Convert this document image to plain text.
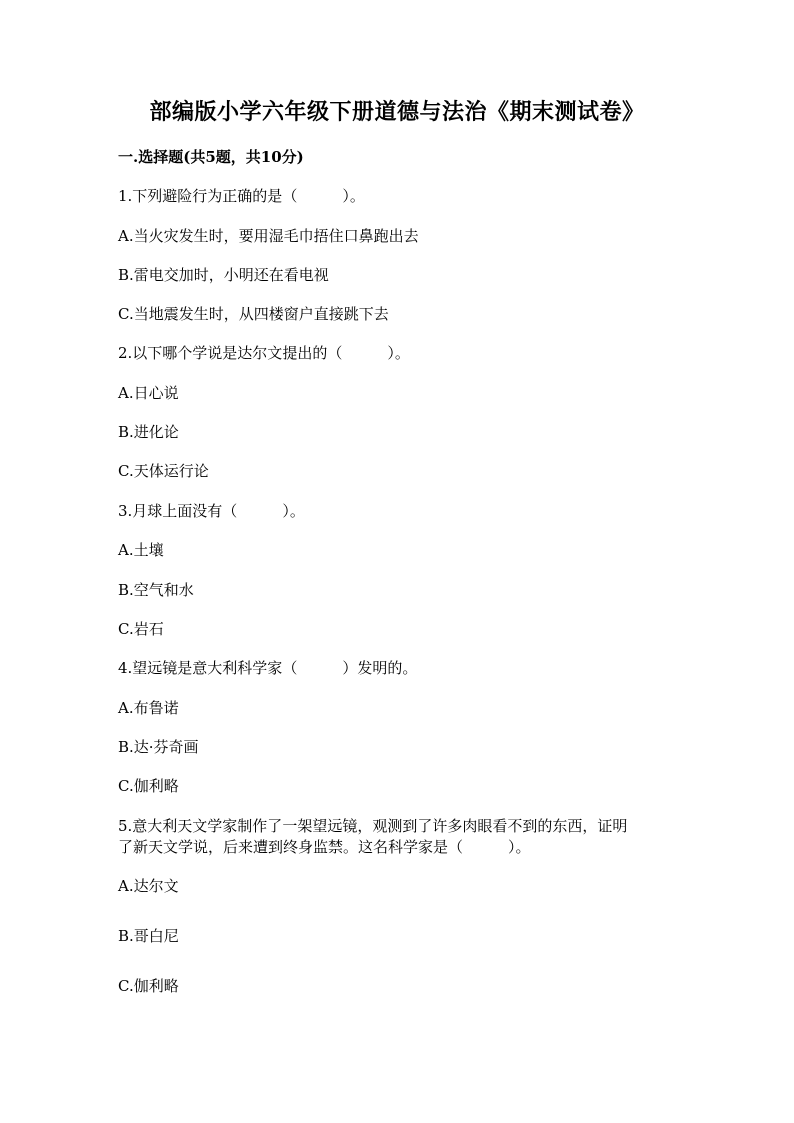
部编版小学六年级下册道德与法治《期末测试卷》
一.选择题(共5题，共10分)
1.下列避险行为正确的是（　　　）。
A.当火灾发生时，要用湿毛巾捂住口鼻跑出去
B.雷电交加时，小明还在看电视
C.当地震发生时，从四楼窗户直接跳下去
2.以下哪个学说是达尔文提出的（　　　）。
A.日心说
B.进化论
C.天体运行论
3.月球上面没有（　　　）。
A.土壤
B.空气和水
C.岩石
4.望远镜是意大利科学家（　　　）发明的。
A.布鲁诺
B.达·芬奇画
C.伽利略
5.意大利天文学家制作了一架望远镜，观测到了许多肉眼看不到的东西，证明
了新天文学说，后来遭到终身监禁。这名科学家是（　　　）。
A.达尔文
B.哥白尼
C.伽利略
